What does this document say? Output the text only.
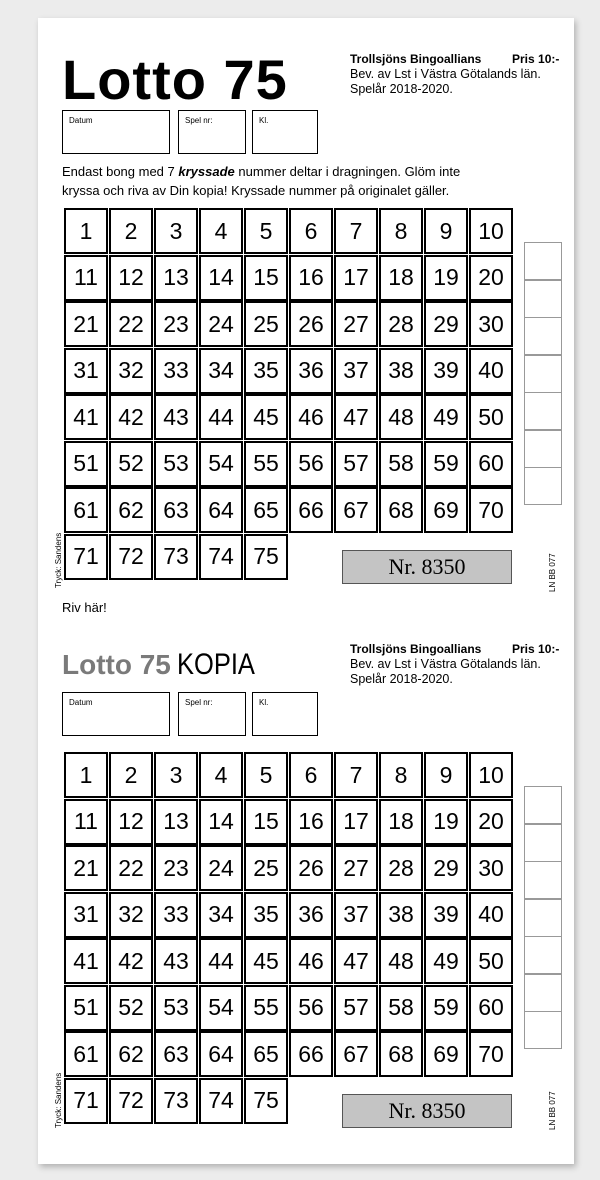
Lotto 75	Trollsjöns Bingoallians	Pris 10:-
Bev. av Lst i Västra Götalands län.
Spelår 2018-2020.
Datum	Spel nr:	Kl.
Endast bong med 7 kryssade nummer deltar i dragningen. Glöm inte
kryssa och riva av Din kopia! Kryssade nummer på originalet gäller.
1	2	3	4	5	6	7	8	9	10
11 12 13 14 15 16 17 18 19 20
21 22 23 24 25 26 27 28 29 30
31 32 33 34 35 36 37 38 39 40
41 42 43 44 45 46 47 48 49 50
51 52 53 54 55 56 57 58 59 60
61 62 63 64 65 66 67 68 69 70
71 72 73 74 75	Nr. 8350
Tryck: Sandens	LN BB 077
Riv här!
Lotto 75 KOPIA	Trollsjöns Bingoallians	Pris 10:-
Bev. av Lst i Västra Götalands län.
Spelår 2018-2020.
Datum	Spel nr:	Kl.
1	2	3	4	5	6	7	8	9	10
11 12 13 14 15 16 17 18 19 20
21 22 23 24 25 26 27 28 29 30
31 32 33 34 35 36 37 38 39 40
41 42 43 44 45 46 47 48 49 50
51 52 53 54 55 56 57 58 59 60
61 62 63 64 65 66 67 68 69 70
71 72 73 74 75	Nr. 8350
Tryck: Sandens	LN BB 077
